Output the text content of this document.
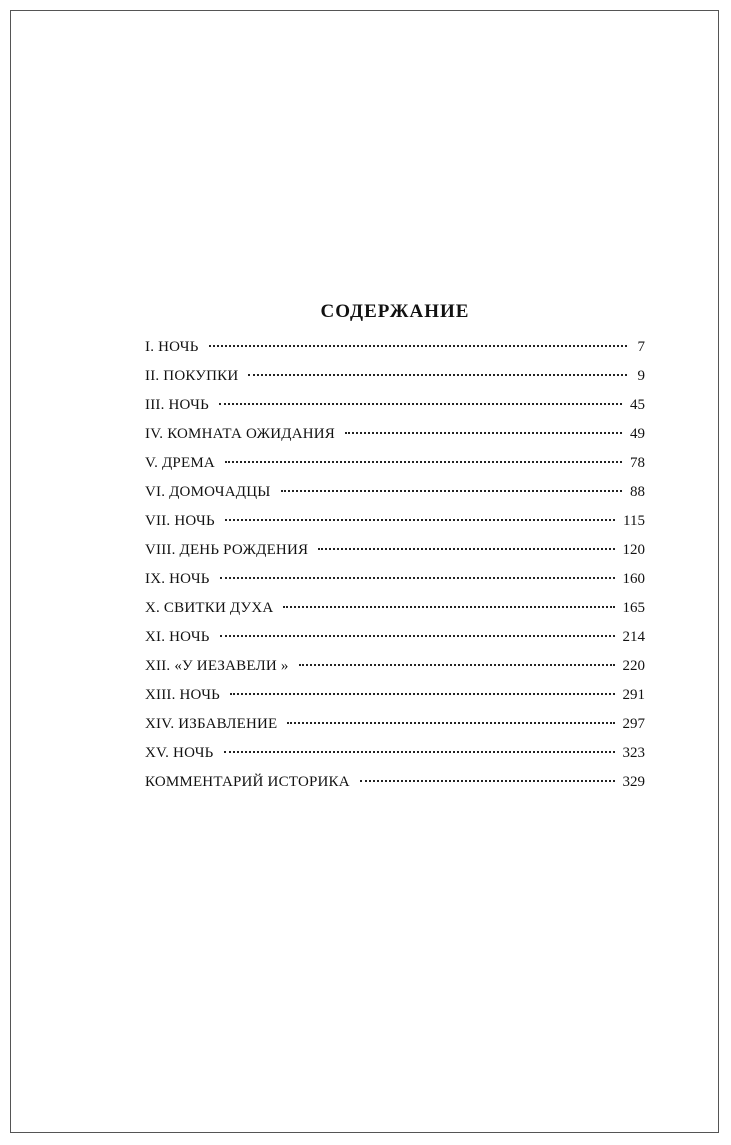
СОДЕРЖАНИЕ
I. НОЧЬ	7
II. ПОКУПКИ	9
III. НОЧЬ	45
IV. КОМНАТА ОЖИДАНИЯ	49
V. ДРЕМА	78
VI. ДОМОЧАДЦЫ	88
VII. НОЧЬ	115
VIII. ДЕНЬ РОЖДЕНИЯ	120
IX. НОЧЬ	160
X. СВИТКИ ДУХА	165
XI. НОЧЬ	214
XII. «У ИЕЗАВЕЛИ »	220
XIII. НОЧЬ	291
XIV. ИЗБАВЛЕНИЕ	297
XV. НОЧЬ	323
КОММЕНТАРИЙ ИСТОРИКА	329
